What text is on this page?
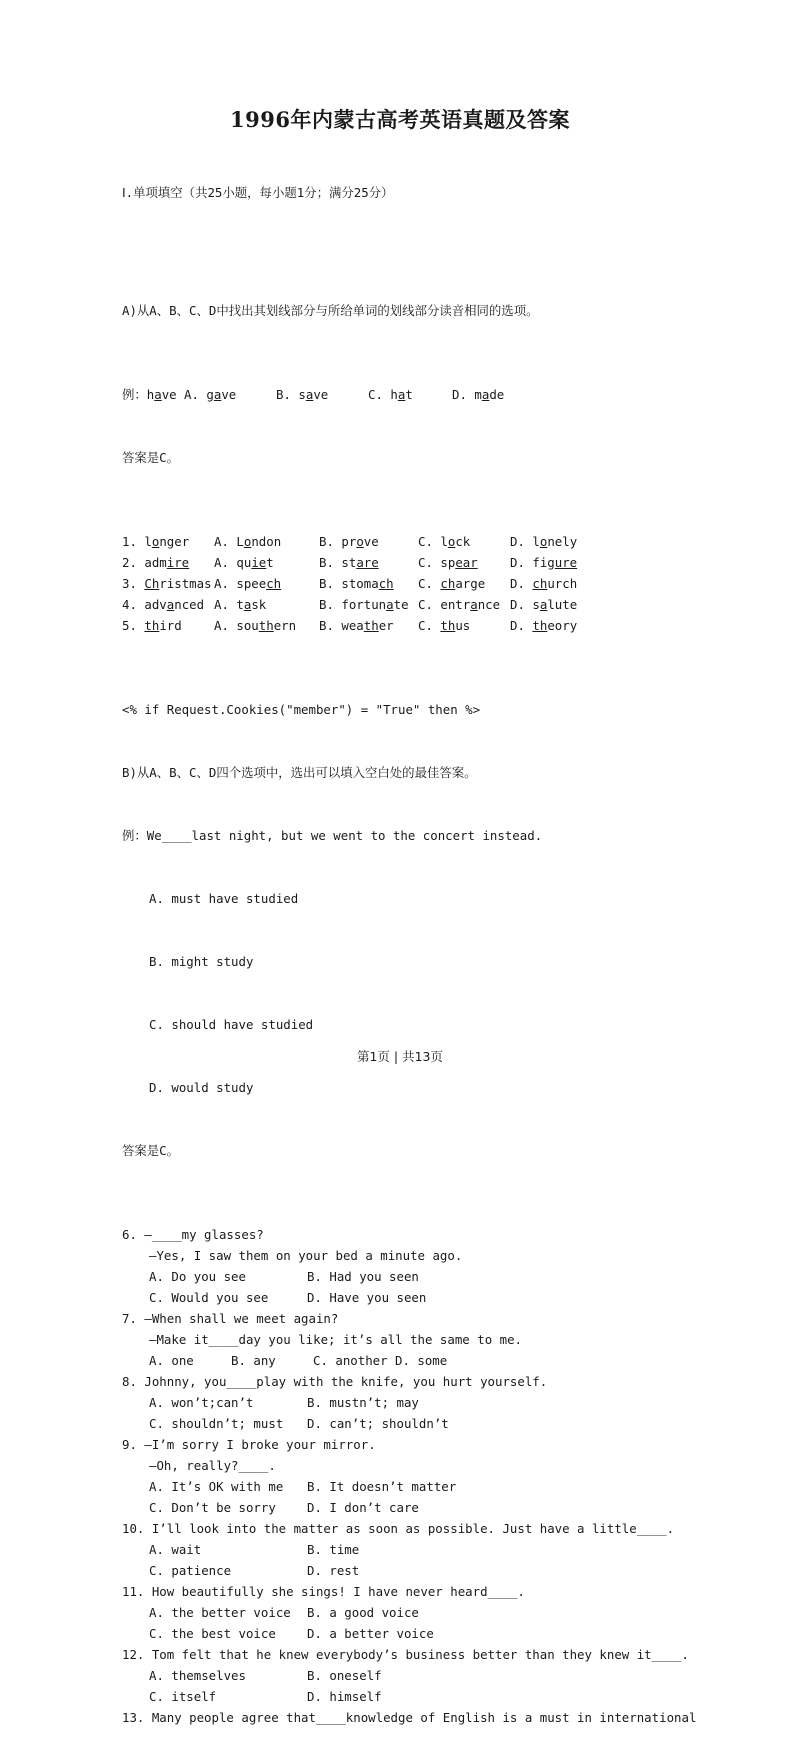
1996年内蒙古高考英语真题及答案

Ⅰ.单项填空（共25小题，每小题1分；满分25分）

A)从A、B、C、D中找出其划线部分与所给单词的划线部分读音相同的选项。

例：have A. gave	B. save	C. hat	D. made

答案是C。

1. longer	A. London	B. prove	C. lock	D. lonely
2. admire	A. quiet	B. stare	C. spear	D. figure
3. Christmas A. speech	B. stomach	C. charge	D. church
4. advanced A. task	B. fortunate C. entrance D. salute
5. third	A. southern	B. weather	C. thus	D. theory

<% if Request.Cookies("member") = "True" then %>

B)从A、B、C、D四个选项中，选出可以填入空白处的最佳答案。

例：We____last night, but we went to the concert instead.

A. must have studied

B. might study

C. should have studied

D. would study

答案是C。

6. —____my glasses?
—Yes, I saw them on your bed a minute ago.
A. Do you see	B. Had you seen
C. Would you see	D. Have you seen
7. —When shall we meet again?
—Make it____day you like; it’s all the same to me.
A. one	B. any	C. another D. some
8. Johnny, you____play with the knife, you hurt yourself.
A. won’t;can’t	B. mustn’t; may
C. shouldn’t; must D. can’t; shouldn’t
9. —I’m sorry I broke your mirror.
—Oh, really?____.
A. It’s OK with me B. It doesn’t matter
C. Don’t be sorry	D. I don’t care
10. I’ll look into the matter as soon as possible. Just have a little____.
A. wait	B. time
C. patience	D. rest
11. How beautifully she sings! I have never heard____.
A. the better voice B. a good voice
C. the best voice	D. a better voice
12. Tom felt that he knew everybody’s business better than they knew it____.
A. themselves	B. oneself
C. itself	D. himself
13. Many people agree that____knowledge of English is a must in international

第1页 | 共13页
